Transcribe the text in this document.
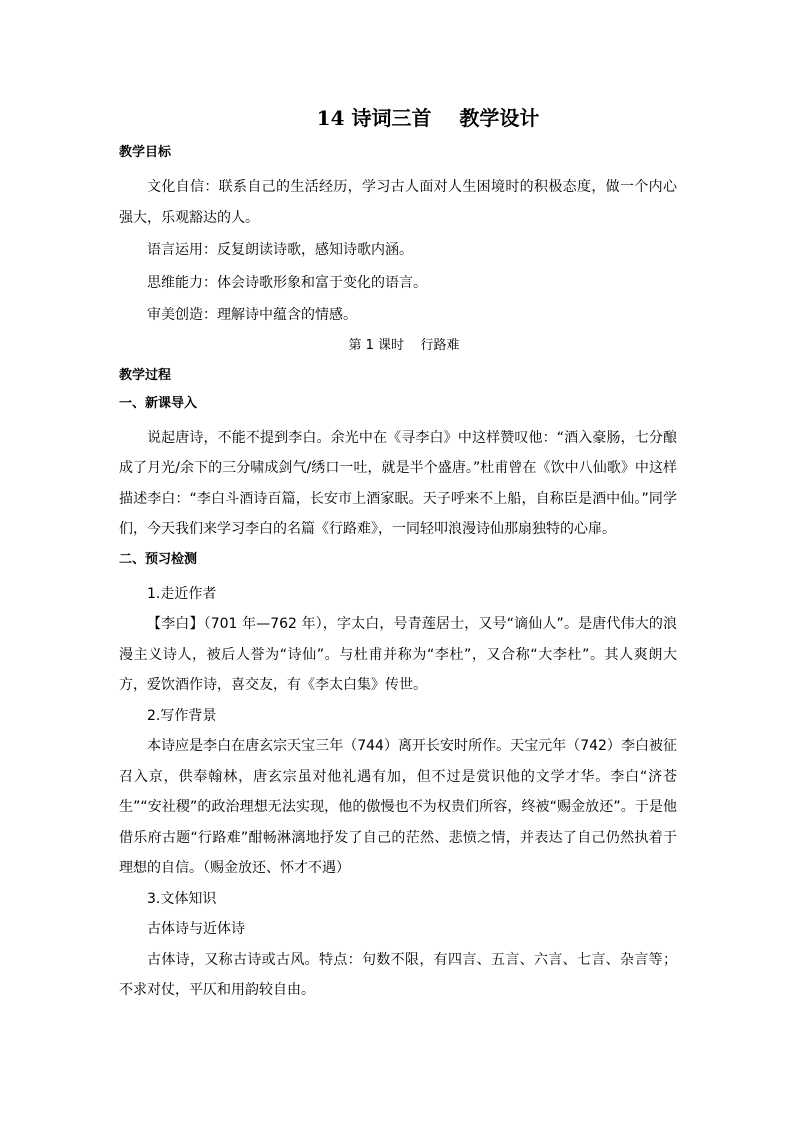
14 诗词三首    教学设计
教学目标

文化自信：联系自己的生活经历，学习古人面对人生困境时的积极态度，做一个内心强大，乐观豁达的人。

语言运用：反复朗读诗歌，感知诗歌内涵。

思维能力：体会诗歌形象和富于变化的语言。

审美创造：理解诗中蕴含的情感。

第 1 课时    行路难
教学过程
一、新课导入

说起唐诗，不能不提到李白。余光中在《寻李白》中这样赞叹他：“酒入豪肠，七分酿成了月光/余下的三分啸成剑气/绣口一吐，就是半个盛唐。”杜甫曾在《饮中八仙歌》中这样描述李白：“李白斗酒诗百篇，长安市上酒家眠。天子呼来不上船，自称臣是酒中仙。”同学们，今天我们来学习李白的名篇《行路难》，一同轻叩浪漫诗仙那扇独特的心扉。

二、预习检测
1.走近作者

【李白】（701 年—762 年），字太白，号青莲居士，又号“谪仙人”。是唐代伟大的浪漫主义诗人，被后人誉为“诗仙”。与杜甫并称为“李杜”，又合称“大李杜”。其人爽朗大方，爱饮酒作诗，喜交友，有《李太白集》传世。

2.写作背景

本诗应是李白在唐玄宗天宝三年（744）离开长安时所作。天宝元年（742）李白被征召入京，供奉翰林，唐玄宗虽对他礼遇有加，但不过是赏识他的文学才华。李白“济苍生”“安社稷”的政治理想无法实现，他的傲慢也不为权贵们所容，终被“赐金放还”。于是他借乐府古题“行路难”酣畅淋漓地抒发了自己的茫然、悲愤之情，并表达了自己仍然执着于理想的自信。（赐金放还、怀才不遇）

3.文体知识
古体诗与近体诗

古体诗，又称古诗或古风。特点：句数不限，有四言、五言、六言、七言、杂言等；不求对仗，平仄和用韵较自由。
